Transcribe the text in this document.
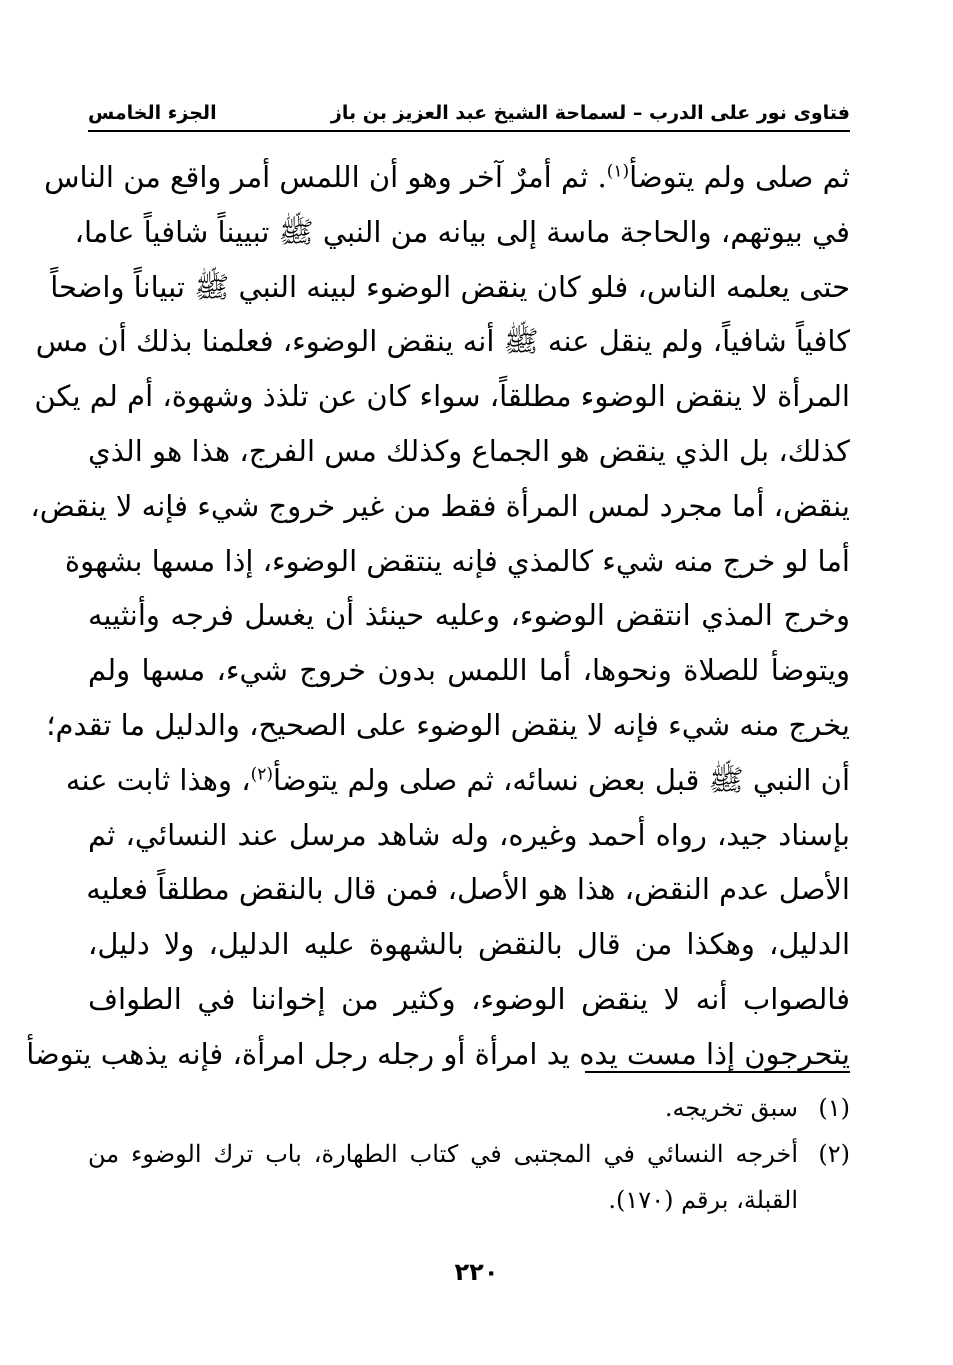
فتاوى نور على الدرب – لسماحة الشيخ عبد العزيز بن باز
الجزء الخامس
ثم صلى ولم يتوضأ$^{(١)}$. ثم أمرٌ آخر وهو أن اللمس أمر واقع من الناس
في بيوتهم، والحاجة ماسة إلى بيانه من النبي ﷺ تبييناً شافياً عاما،
حتى يعلمه الناس، فلو كان ينقض الوضوء لبينه النبي ﷺ تبياناً واضحاً
كافياً شافياً، ولم ينقل عنه ﷺ أنه ينقض الوضوء، فعلمنا بذلك أن مس
المرأة لا ينقض الوضوء مطلقاً، سواء كان عن تلذذ وشهوة، أم لم يكن
كذلك، بل الذي ينقض هو الجماع وكذلك مس الفرج، هذا هو الذي
ينقض، أما مجرد لمس المرأة فقط من غير خروج شيء فإنه لا ينقض،
أما لو خرج منه شيء كالمذي فإنه ينتقض الوضوء، إذا مسها بشهوة
وخرج المذي انتقض الوضوء، وعليه حينئذ أن يغسل فرجه وأنثييه
ويتوضأ للصلاة ونحوها، أما اللمس بدون خروج شيء، مسها ولم
يخرج منه شيء فإنه لا ينقض الوضوء على الصحيح، والدليل ما تقدم؛
أن النبي ﷺ قبل بعض نسائه، ثم صلى ولم يتوضأ$^{(٢)}$، وهذا ثابت عنه
بإسناد جيد، رواه أحمد وغيره، وله شاهد مرسل عند النسائي، ثم
الأصل عدم النقض، هذا هو الأصل، فمن قال بالنقض مطلقاً فعليه
الدليل، وهكذا من قال بالنقض بالشهوة عليه الدليل، ولا دليل،
فالصواب أنه لا ينقض الوضوء، وكثير من إخواننا في الطواف
يتحرجون إذا مست يده يد امرأة أو رجله رجل امرأة، فإنه يذهب يتوضأ
(١)
سبق تخريجه.
(٢)
أخرجه النسائي في المجتبى في كتاب الطهارة، باب ترك الوضوء من
القبلة، برقم (١٧٠).
٢٢٠
